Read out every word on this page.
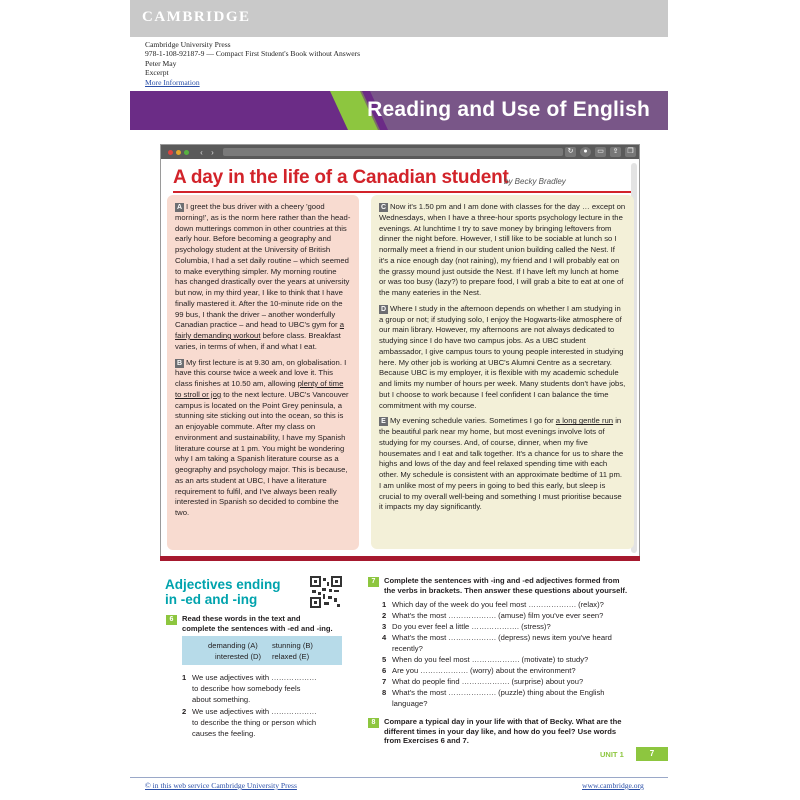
CAMBRIDGE
Cambridge University Press
978-1-108-92187-9 — Compact First Student's Book without Answers
Peter May
Excerpt
More Information
Reading and Use of English
‹	›	↻	●	▭	⇪	❐
A day in the life of a Canadian student
by Becky Bradley
A I greet the bus driver with a cheery 'good morning!', as is the norm here rather than the head-down mutterings common in other countries at this early hour. Before becoming a geography and psychology student at the University of British Columbia, I had a set daily routine – which seemed to make everything simpler. My morning routine has changed drastically over the years at university but now, in my third year, I like to think that I have finally mastered it. After the 10-minute ride on the 99 bus, I thank the driver – another wonderfully Canadian practice – and head to UBC's gym for a fairly demanding workout before class. Breakfast varies, in terms of when, if and what I eat.
B My first lecture is at 9.30 am, on globalisation. I have this course twice a week and love it. This class finishes at 10.50 am, allowing plenty of time to stroll or jog to the next lecture. UBC's Vancouver campus is located on the Point Grey peninsula, a stunning site sticking out into the ocean, so this is an enjoyable commute. After my class on environment and sustainability, I have my Spanish literature course at 1 pm. You might be wondering why I am taking a Spanish literature course as a geography and psychology major. This is because, as an arts student at UBC, I have a literature requirement to fulfil, and I've always been really interested in Spanish so decided to combine the two.
C Now it's 1.50 pm and I am done with classes for the day … except on Wednesdays, when I have a three-hour sports psychology lecture in the evenings. At lunchtime I try to save money by bringing leftovers from dinner the night before. However, I still like to be sociable at lunch so I normally meet a friend in our student union building called the Nest. If it's a nice enough day (not raining), my friend and I will probably eat on the grassy mound just outside the Nest. If I have left my lunch at home or was too busy (lazy?) to prepare food, I will grab a bite to eat at one of the many eateries in the Nest.
D Where I study in the afternoon depends on whether I am studying in a group or not; if studying solo, I enjoy the Hogwarts-like atmosphere of our main library. However, my afternoons are not always dedicated to studying since I do have two campus jobs. As a UBC student ambassador, I give campus tours to young people interested in studying here. My other job is working at UBC's Alumni Centre as a secretary. Because UBC is my employer, it is flexible with my academic schedule and limits my number of hours per week. Many students don't have jobs, but I choose to work because I feel confident I can balance the time commitment with my course.
E My evening schedule varies. Sometimes I go for a long gentle run in the beautiful park near my home, but most evenings involve lots of studying for my courses. And, of course, dinner, when my five housemates and I eat and talk together. It's a chance for us to share the highs and lows of the day and feel relaxed spending time with each other. My schedule is consistent with an approximate bedtime of 11 pm. I am unlike most of my peers in going to bed this early, but sleep is crucial to my overall well-being and something I must prioritise because it impacts my day significantly.
Adjectives ending
in -ed and -ing
6	Read these words in the text and
complete the sentences with -ed and -ing.
demanding (A) stunning (B)
interested (D) relaxed (E)
1 We use adjectives with ………………
to describe how somebody feels
about something.
2 We use adjectives with ………………
to describe the thing or person which
causes the feeling.
7	Complete the sentences with -ing and -ed adjectives formed from
the verbs in brackets. Then answer these questions about yourself.
1 Which day of the week do you feel most ………………. (relax)?
2 What's the most ………………. (amuse) film you've ever seen?
3 Do you ever feel a little ………………. (stress)?
4 What's the most ………………. (depress) news item you've heard
recently?
5 When do you feel most ………………. (motivate) to study?
6 Are you ………………. (worry) about the environment?
7 What do people find ………………. (surprise) about you?
8 What's the most ………………. (puzzle) thing about the English
language?
8	Compare a typical day in your life with that of Becky. What are the
different times in your day like, and how do you feel? Use words
from Exercises 6 and 7.
UNIT 1	7
© in this web service Cambridge University Press	www.cambridge.org
